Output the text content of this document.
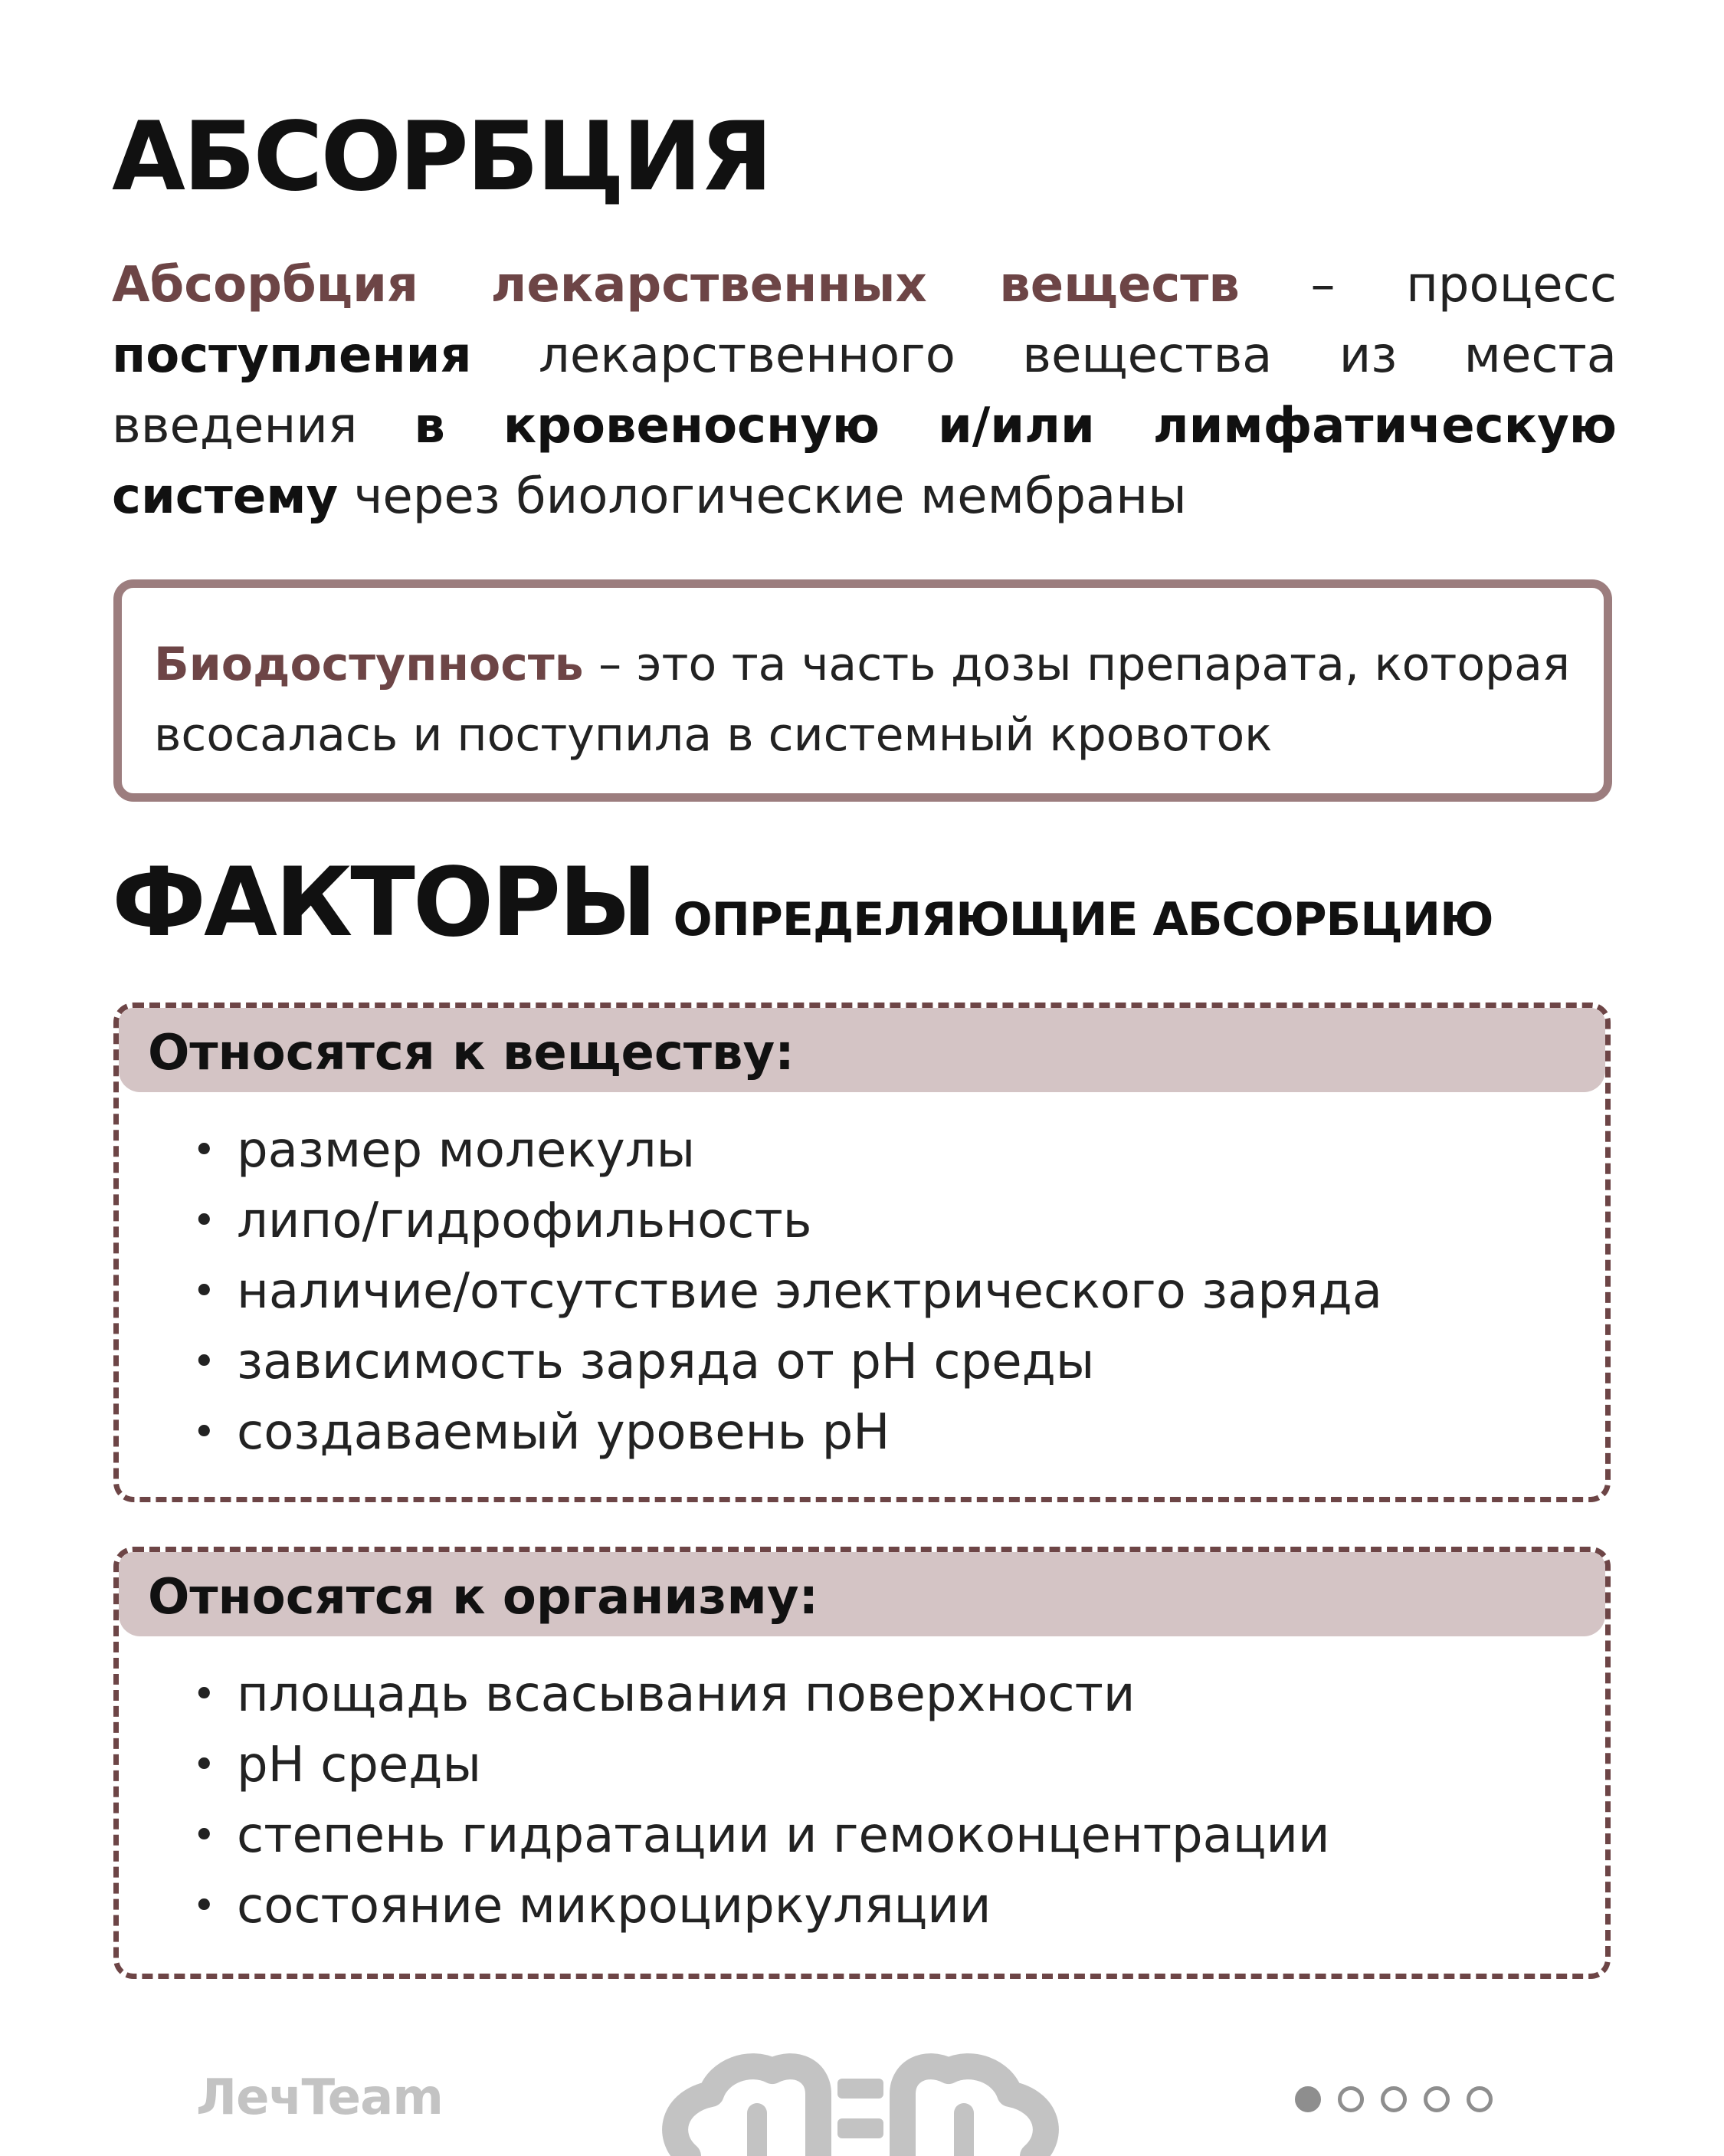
АБСОРБЦИЯ

Абсорбция лекарственных веществ – процесс поступления лекарственного вещества из места введения в кровеносную и/или лимфатическую систему через биологические мембраны

Биодоступность – это та часть дозы препарата, которая всосалась и поступила в системный кровоток

ФАКТОРЫ ОПРЕДЕЛЯЮЩИЕ АБСОРБЦИЮ
Относятся к веществу:
• размер молекулы
• липо/гидрофильность
• наличие/отсутствие электрического заряда
• зависимость заряда от pH среды
• создаваемый уровень pH
Относятся к организму:
• площадь всасывания поверхности
• pH среды
• степень гидратации и гемоконцентрации
• состояние микроциркуляции
ЛечTeam
